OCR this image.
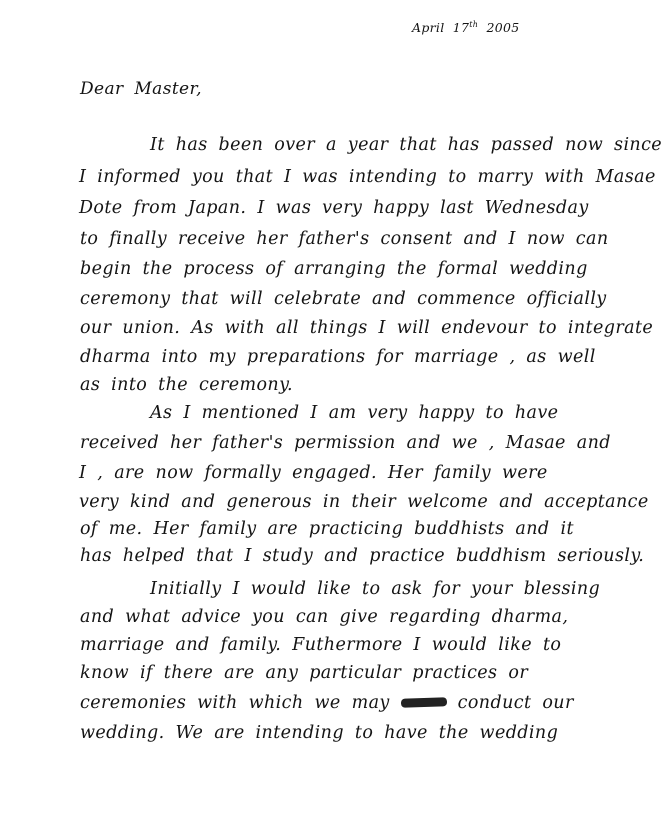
April 17th 2005
Dear Master,
It has been over a year that has passed now since
I informed you that I was intending to marry with Masae
Dote from Japan. I was very happy last Wednesday
to finally receive her father's consent and I now can
begin the process of arranging the formal wedding
ceremony that will celebrate and commence officially
our union. As with all things I will endevour to integrate
dharma into my preparations for marriage , as well
as into the ceremony.
As I mentioned I am very happy to have
received her father's permission and we , Masae and
I , are now formally engaged. Her family were
very kind and generous in their welcome and acceptance
of me. Her family are practicing buddhists and it
has helped that I study and practice buddhism seriously.
Initially I would like to ask for your blessing
and what advice you can give regarding dharma,
marriage and family. Futhermore I would like to
know if there are any particular practices or
ceremonies with which we may	conduct our
wedding. We are intending to have the wedding
